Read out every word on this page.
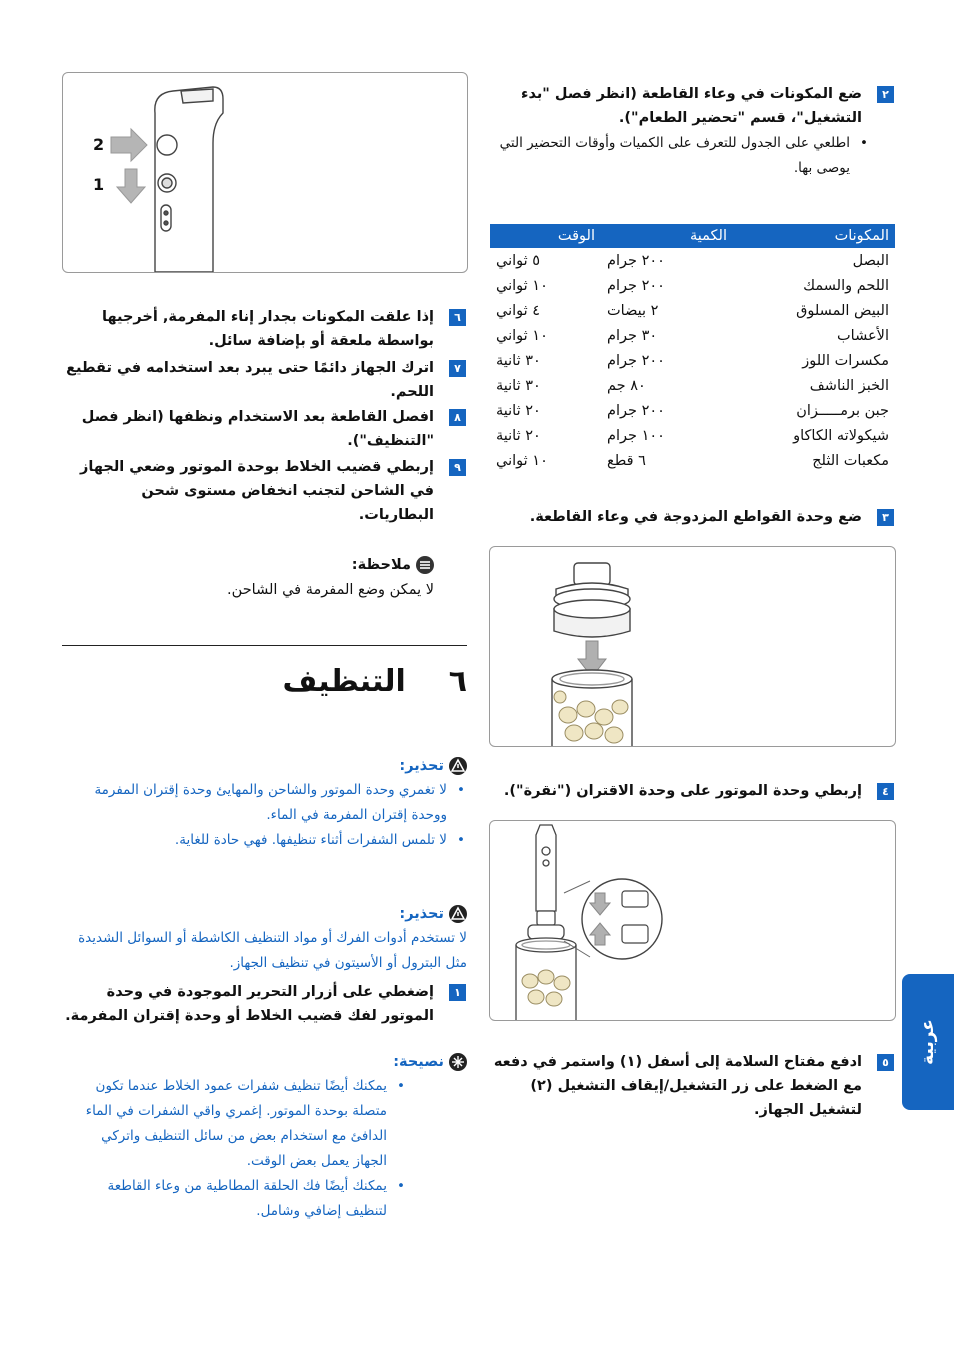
٢
ضع المكونات في وعاء القاطعة (انظر فصل "بدء التشغيل"، قسم "تحضير الطعام").
• اطلعي على الجدول للتعرف على الكميات وأوقات التحضير التي يوصى بها.
المكونات	الكمية	الوقت
البصل	٢٠٠ جرام	٥ ثواني
اللحم والسمك	٢٠٠ جرام	١٠ ثواني
البيض المسلوق	٢ بيضات	٤ ثواني
الأعشاب	٣٠ جرام	١٠ ثواني
مكسرات اللوز	٢٠٠ جرام	٣٠ ثانية
الخبز الناشف	٨٠ جم	٣٠ ثانية
جبن برمـــــزان	٢٠٠ جرام	٢٠ ثانية
شيكولاته الكاكاو	١٠٠ جرام	٢٠ ثانية
مكعبات الثلج	٦ قطع	١٠ ثواني
٣
ضع وحدة القواطع المزدوجة في وعاء القاطعة.
٤
إربطي وحدة الموتور على وحدة الاقتران ("نقرة").
٥
ادفع مفتاح السلامة إلى أسفل (١) واستمر في دفعه مع الضغط على زر التشغيل/إيقاف التشغيل (٢) لتشغيل الجهاز.
عربية
2
1
٦
إذا علقت المكونات بجدار إناء المفرمة, أخرجيها بواسطة ملعقة أو بإضافة سائل.
٧
اترك الجهاز دائمًا حتى يبرد بعد استخدامه في تقطيع اللحم.
٨
افصل القاطعة بعد الاستخدام ونظفها (انظر فصل "التنظيف").
٩
إربطي قضيب الخلاط بوحدة الموتور وضعي الجهاز في الشاحن لتجنب انخفاض مستوى شحن البطاريات.
ملاحظة:
لا يمكن وضع المفرمة في الشاحن.
٦  التنظيف
تحذير:
• لا تغمري وحدة الموتور والشاحن والمهايئ وحدة إقتران المفرمة ووحدة إقتران المفرمة في الماء.
• لا تلمس الشفرات أثناء تنظيفها. فهي حادة للغاية.
تحذير:
لا تستخدم أدوات الفرك أو مواد التنظيف الكاشطة أو السوائل الشديدة مثل البترول أو الأسيتون في تنظيف الجهاز.
١
إضغطي على أزرار التحرير الموجودة في وحدة الموتور لفك قضيب الخلاط أو وحدة إقتران المفرمة.
نصيحة:
• يمكنك أيضًا تنظيف شفرات عمود الخلاط عندما تكون متصلة بوحدة الموتور. إغمري واقي الشفرات في الماء الدافئ مع استخدام بعض من سائل التنظيف واتركي الجهاز يعمل بعض الوقت.
• يمكنك أيضًا فك الحلقة المطاطية من وعاء القاطعة لتنظيف إضافي وشامل.
